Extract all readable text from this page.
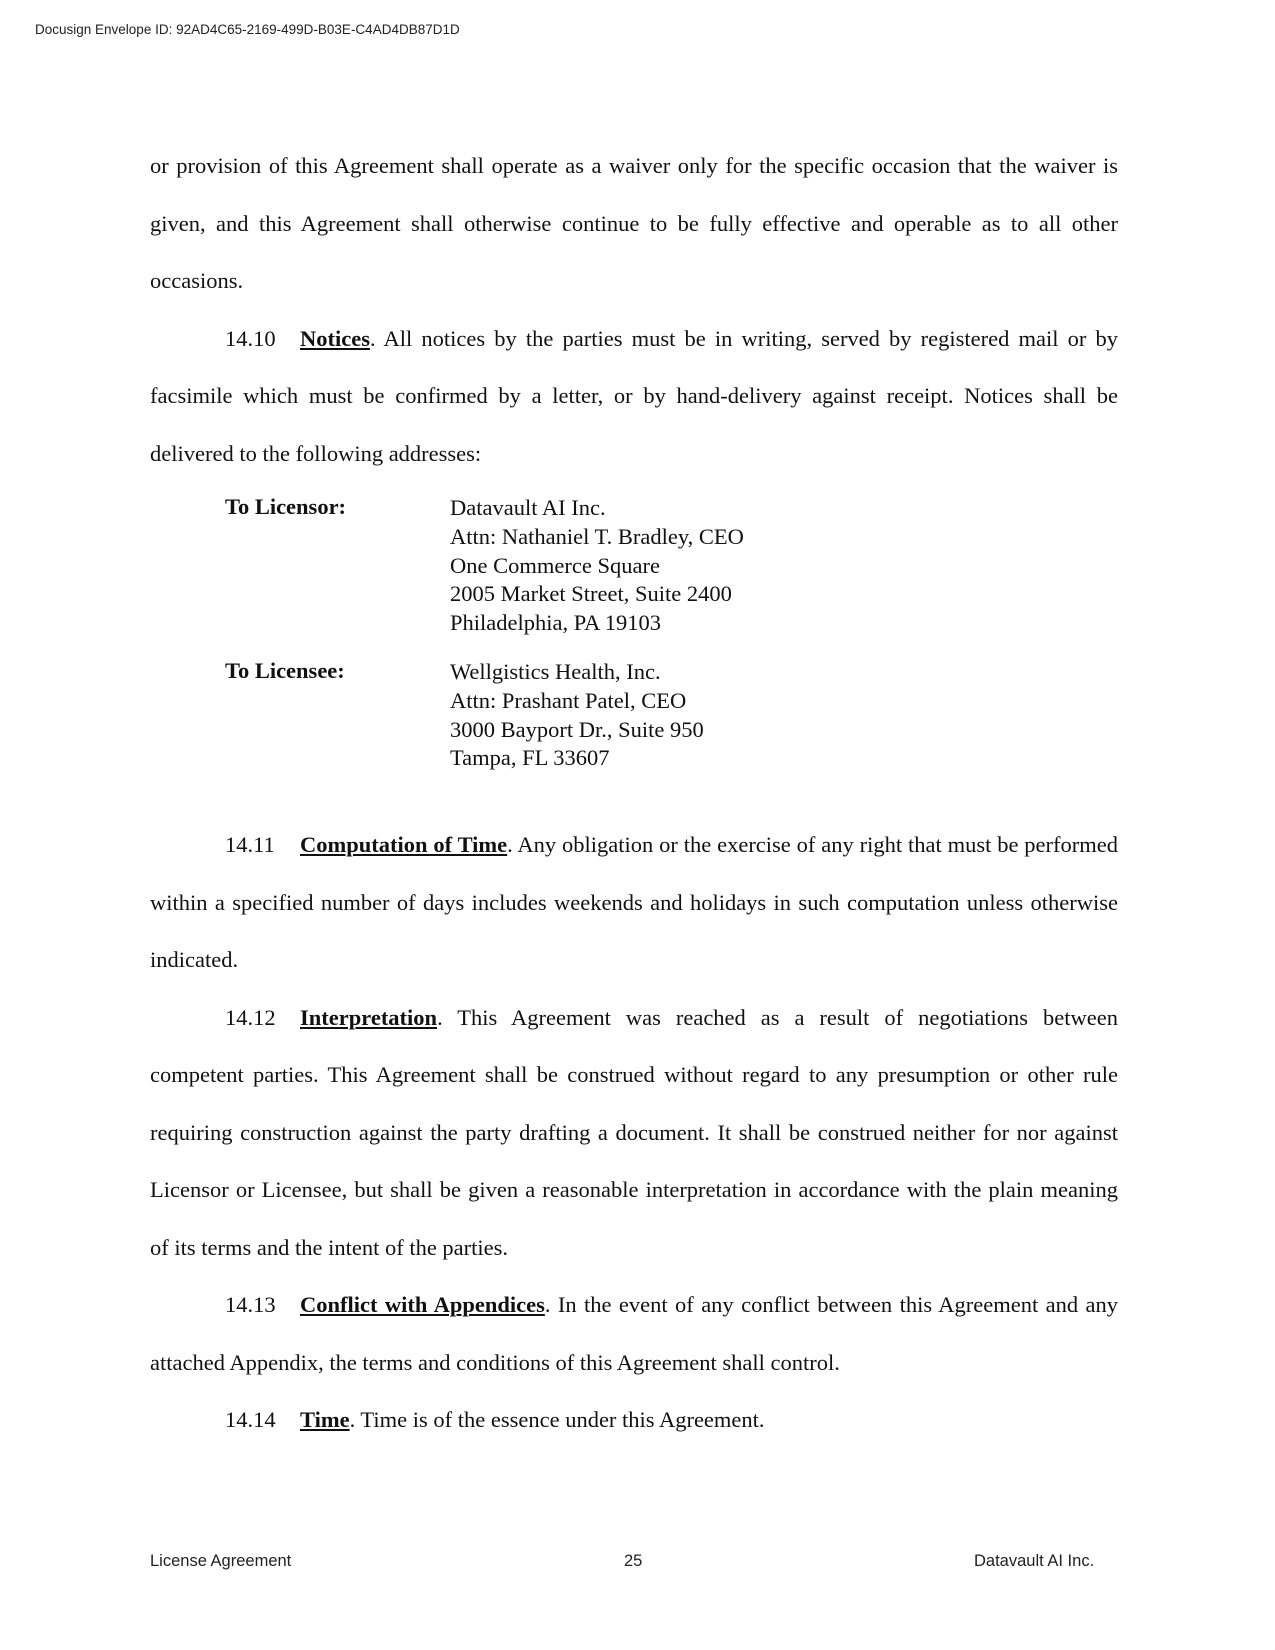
Docusign Envelope ID: 92AD4C65-2169-499D-B03E-C4AD4DB87D1D

or provision of this Agreement shall operate as a waiver only for the specific occasion that the waiver is given, and this Agreement shall otherwise continue to be fully effective and operable as to all other occasions.

14.10 Notices. All notices by the parties must be in writing, served by registered mail or by facsimile which must be confirmed by a letter, or by hand-delivery against receipt. Notices shall be delivered to the following addresses:

To Licensor:	Datavault AI Inc.
Attn: Nathaniel T. Bradley, CEO
One Commerce Square
2005 Market Street, Suite 2400
Philadelphia, PA 19103
To Licensee:	Wellgistics Health, Inc.
Attn: Prashant Patel, CEO
3000 Bayport Dr., Suite 950
Tampa, FL 33607

14.11 Computation of Time. Any obligation or the exercise of any right that must be performed within a specified number of days includes weekends and holidays in such computation unless otherwise indicated.

14.12 Interpretation. This Agreement was reached as a result of negotiations between competent parties. This Agreement shall be construed without regard to any presumption or other rule requiring construction against the party drafting a document. It shall be construed neither for nor against Licensor or Licensee, but shall be given a reasonable interpretation in accordance with the plain meaning of its terms and the intent of the parties.

14.13 Conflict with Appendices. In the event of any conflict between this Agreement and any attached Appendix, the terms and conditions of this Agreement shall control.

14.14 Time. Time is of the essence under this Agreement.

License Agreement	25	Datavault AI Inc.
